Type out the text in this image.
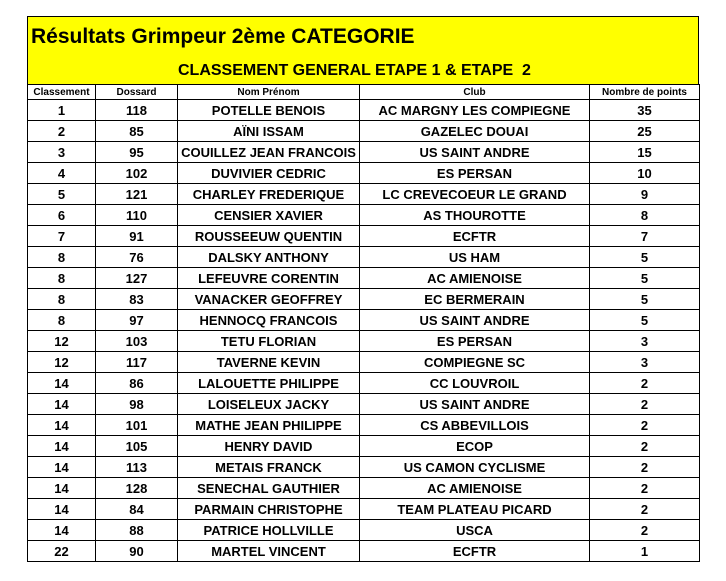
Résultats Grimpeur 2ème CATEGORIE
CLASSEMENT GENERAL ETAPE 1 & ETAPE  2
Classement	Dossard	Nom Prénom	Club	Nombre de points
1	118	POTELLE BENOIS	AC MARGNY LES COMPIEGNE	35
2	85	AÏNI ISSAM	GAZELEC DOUAI	25
3	95	COUILLEZ JEAN FRANCOIS	US SAINT ANDRE	15
4	102	DUVIVIER CEDRIC	ES PERSAN	10
5	121	CHARLEY FREDERIQUE	LC CREVECOEUR LE GRAND	9
6	110	CENSIER XAVIER	AS THOUROTTE	8
7	91	ROUSSEEUW QUENTIN	ECFTR	7
8	76	DALSKY ANTHONY	US HAM	5
8	127	LEFEUVRE CORENTIN	AC AMIENOISE	5
8	83	VANACKER GEOFFREY	EC BERMERAIN	5
8	97	HENNOCQ FRANCOIS	US SAINT ANDRE	5
12	103	TETU FLORIAN	ES PERSAN	3
12	117	TAVERNE KEVIN	COMPIEGNE SC	3
14	86	LALOUETTE PHILIPPE	CC LOUVROIL	2
14	98	LOISELEUX JACKY	US SAINT ANDRE	2
14	101	MATHE JEAN PHILIPPE	CS ABBEVILLOIS	2
14	105	HENRY DAVID	ECOP	2
14	113	METAIS FRANCK	US CAMON CYCLISME	2
14	128	SENECHAL GAUTHIER	AC AMIENOISE	2
14	84	PARMAIN CHRISTOPHE	TEAM PLATEAU PICARD	2
14	88	PATRICE HOLLVILLE	USCA	2
22	90	MARTEL VINCENT	ECFTR	1
